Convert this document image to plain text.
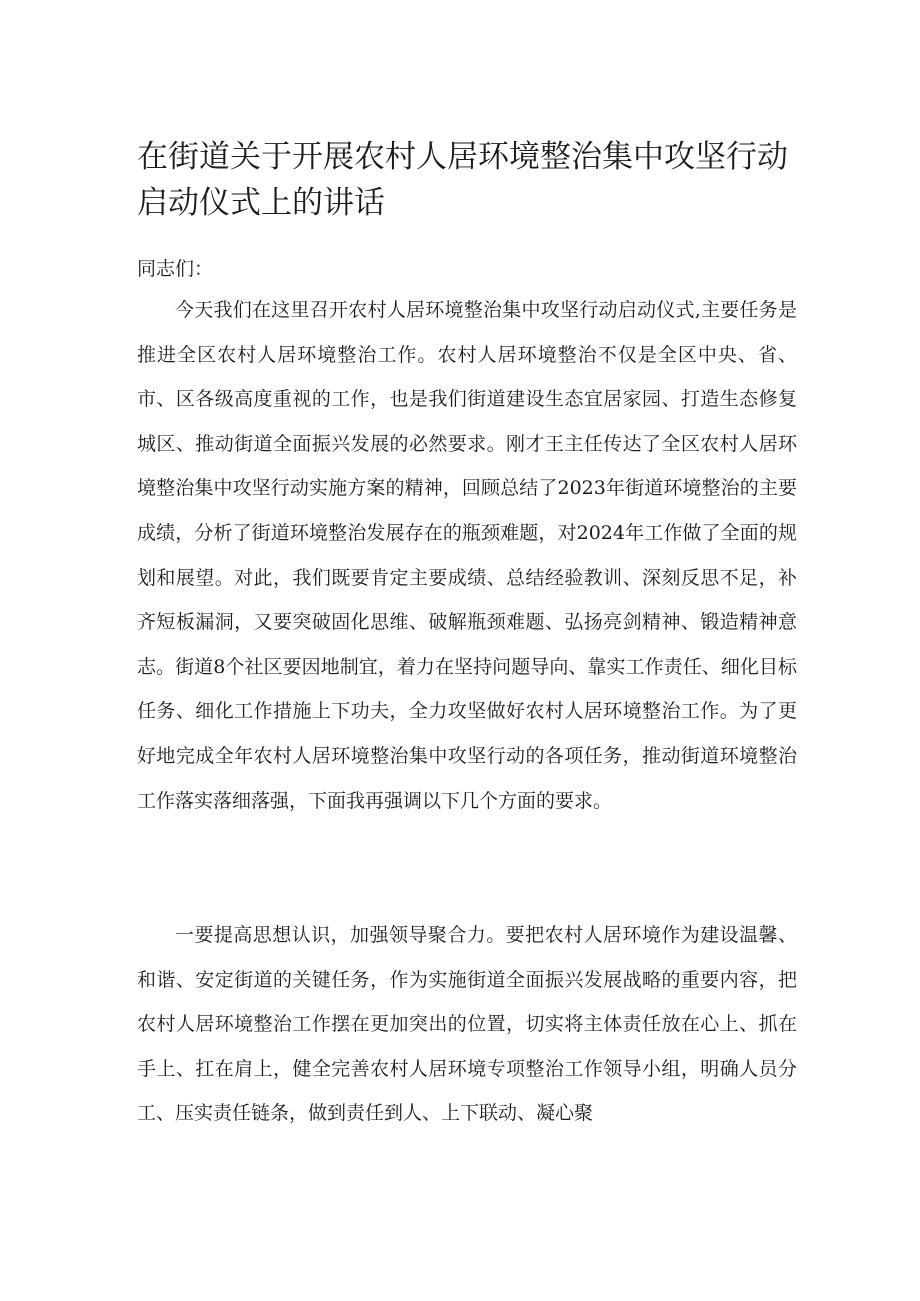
在街道关于开展农村人居环境整治集中攻坚行动启动仪式上的讲话

同志们：

今天我们在这里召开农村人居环境整治集中攻坚行动启动仪式,主要任务是推进全区农村人居环境整治工作。农村人居环境整治不仅是全区中央、省、市、区各级高度重视的工作，也是我们街道建设生态宜居家园、打造生态修复城区、推动街道全面振兴发展的必然要求。刚才王主任传达了全区农村人居环境整治集中攻坚行动实施方案的精神，回顾总结了2023年街道环境整治的主要成绩，分析了街道环境整治发展存在的瓶颈难题，对2024年工作做了全面的规划和展望。对此，我们既要肯定主要成绩、总结经验教训、深刻反思不足，补齐短板漏洞，又要突破固化思维、破解瓶颈难题、弘扬亮剑精神、锻造精神意志。街道8个社区要因地制宜，着力在坚持问题导向、靠实工作责任、细化目标任务、细化工作措施上下功夫，全力攻坚做好农村人居环境整治工作。为了更好地完成全年农村人居环境整治集中攻坚行动的各项任务，推动街道环境整治工作落实落细落强，下面我再强调以下几个方面的要求。

一要提高思想认识，加强领导聚合力。要把农村人居环境作为建设温馨、和谐、安定街道的关键任务，作为实施街道全面振兴发展战略的重要内容，把农村人居环境整治工作摆在更加突出的位置，切实将主体责任放在心上、抓在手上、扛在肩上，健全完善农村人居环境专项整治工作领导小组，明确人员分工、压实责任链条，做到责任到人、上下联动、凝心聚
